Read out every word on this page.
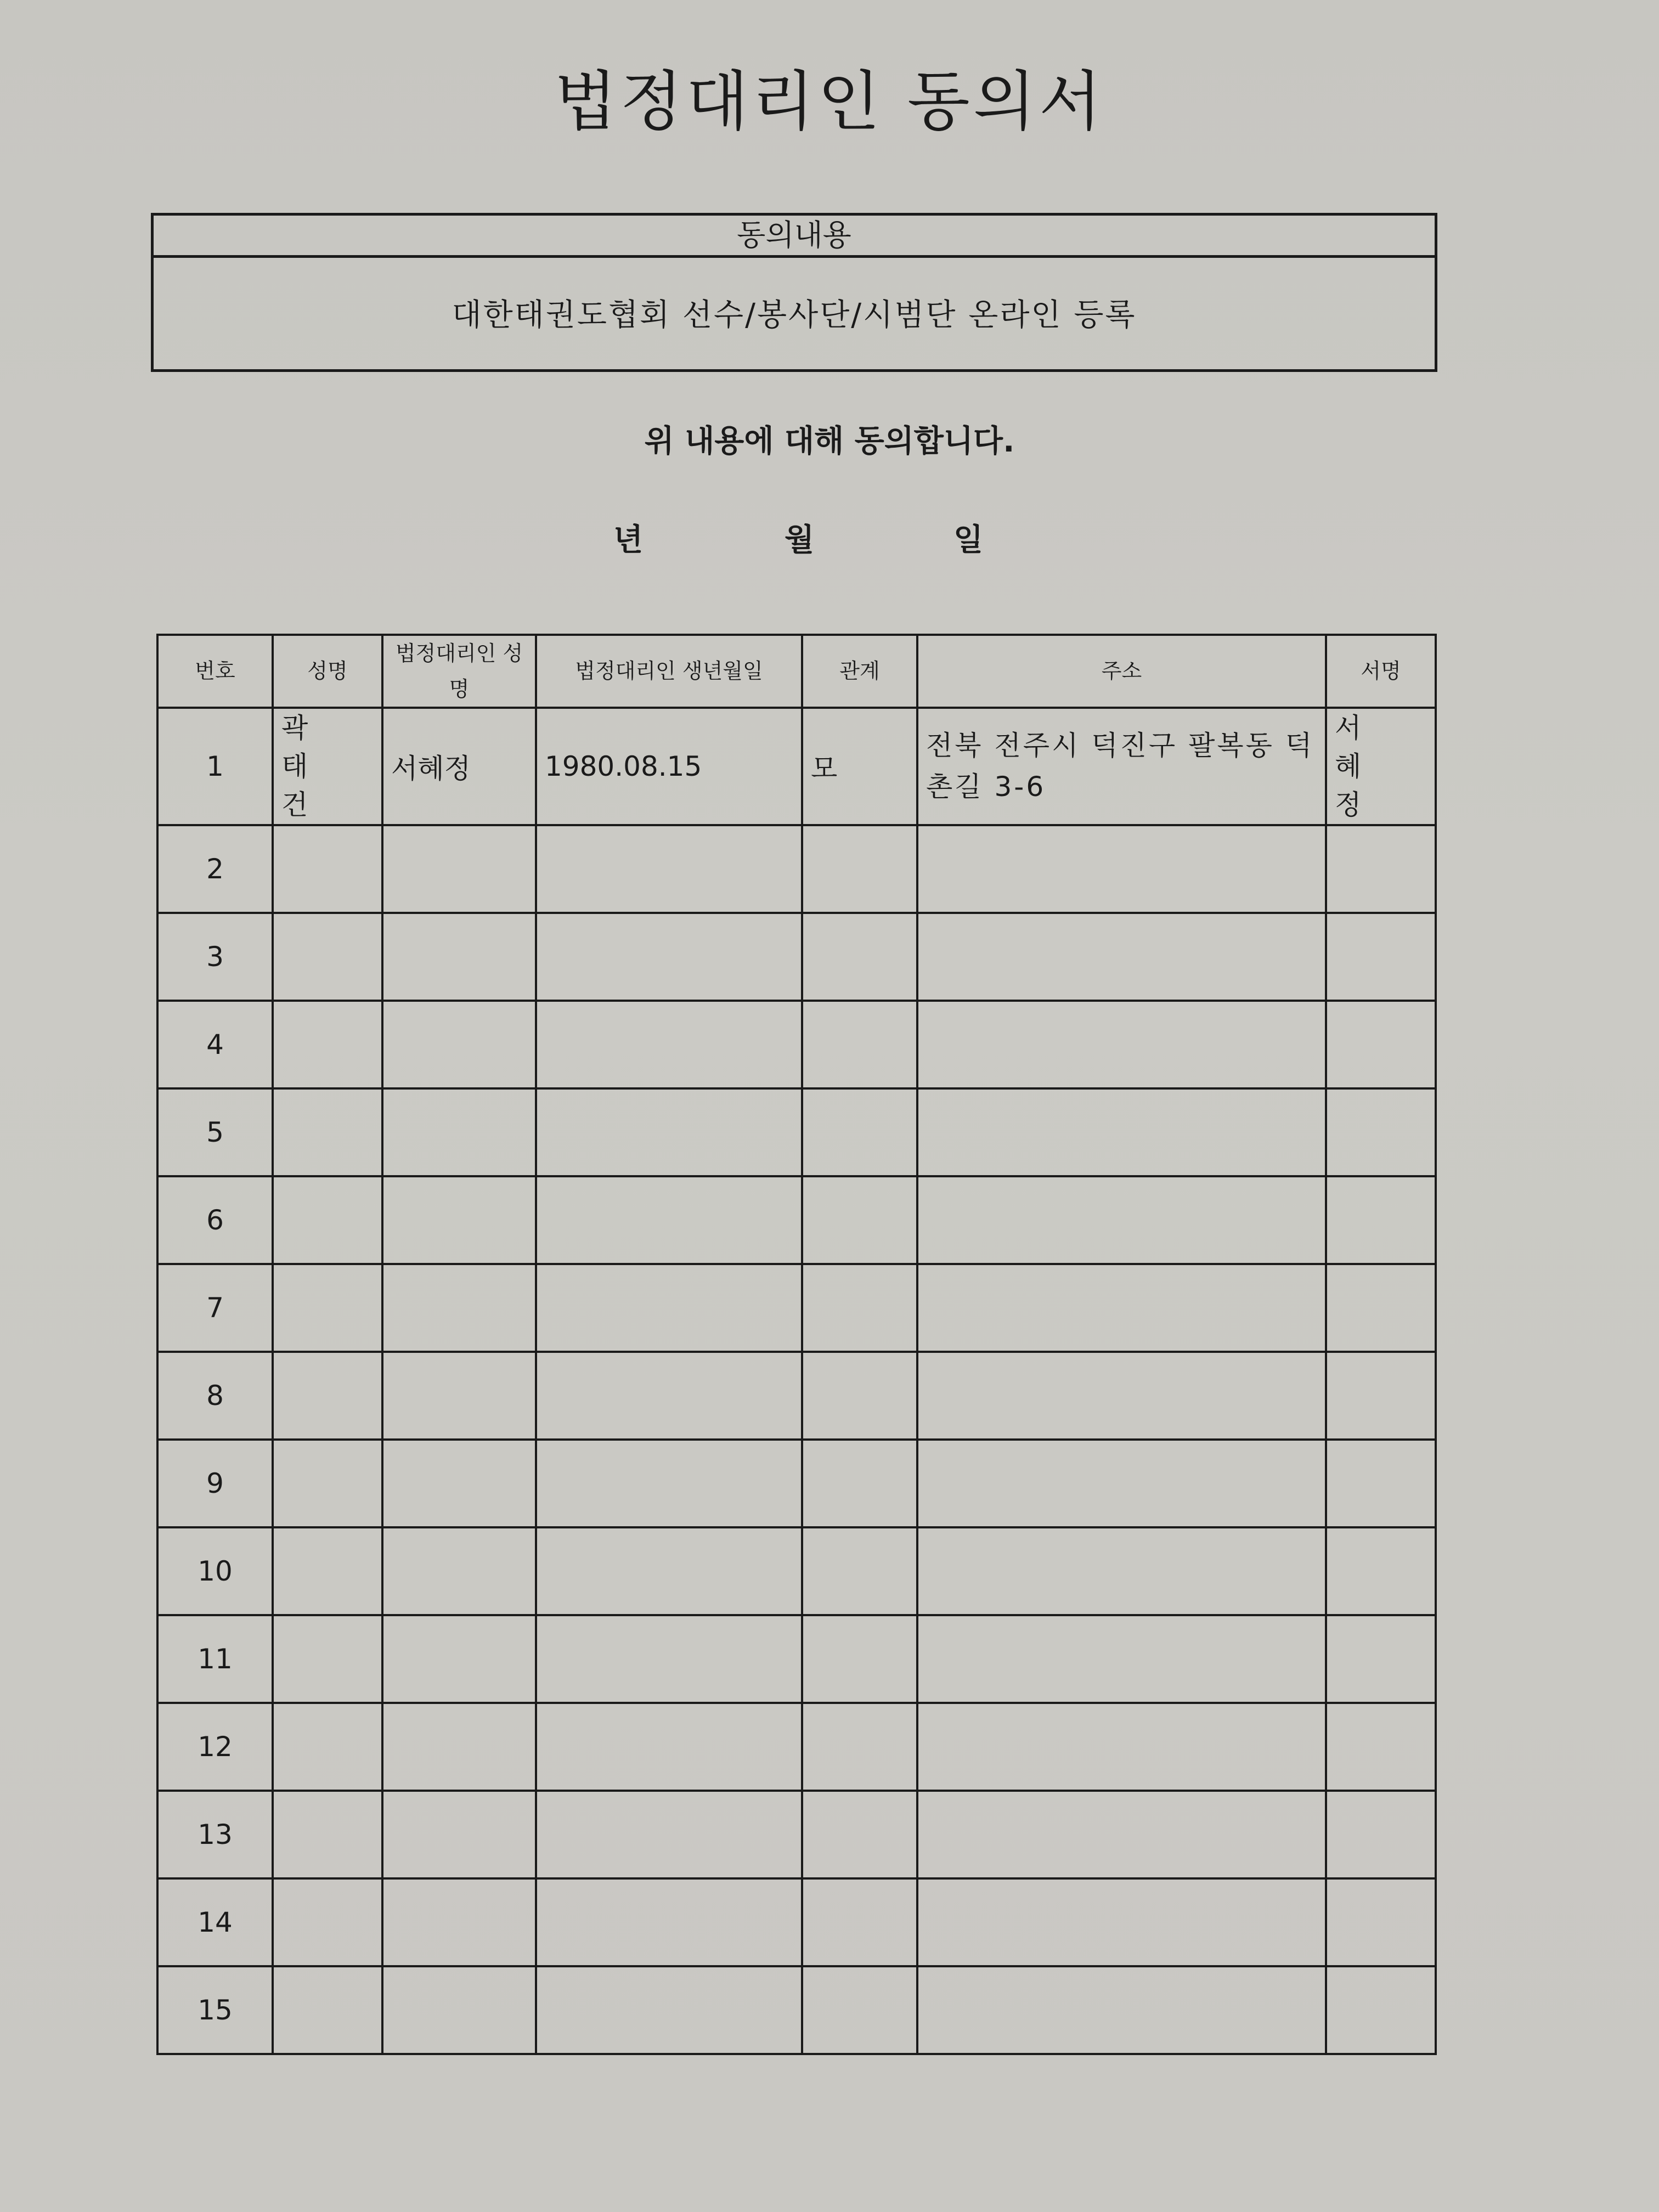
법정대리인 동의서
동의내용
대한태권도협회 선수/봉사단/시범단 온라인 등록
위 내용에 대해 동의합니다.
년	월	일
번호	성명	법정대리인 성명	법정대리인 생년월일	관계	주소	서명
1	곽 태 건	서혜정	1980.08.15	모	전북 전주시 덕진구 팔복동 덕촌길 3-6	서 혜 정
2						
3						
4						
5						
6						
7						
8						
9						
10						
11						
12						
13						
14						
15						
